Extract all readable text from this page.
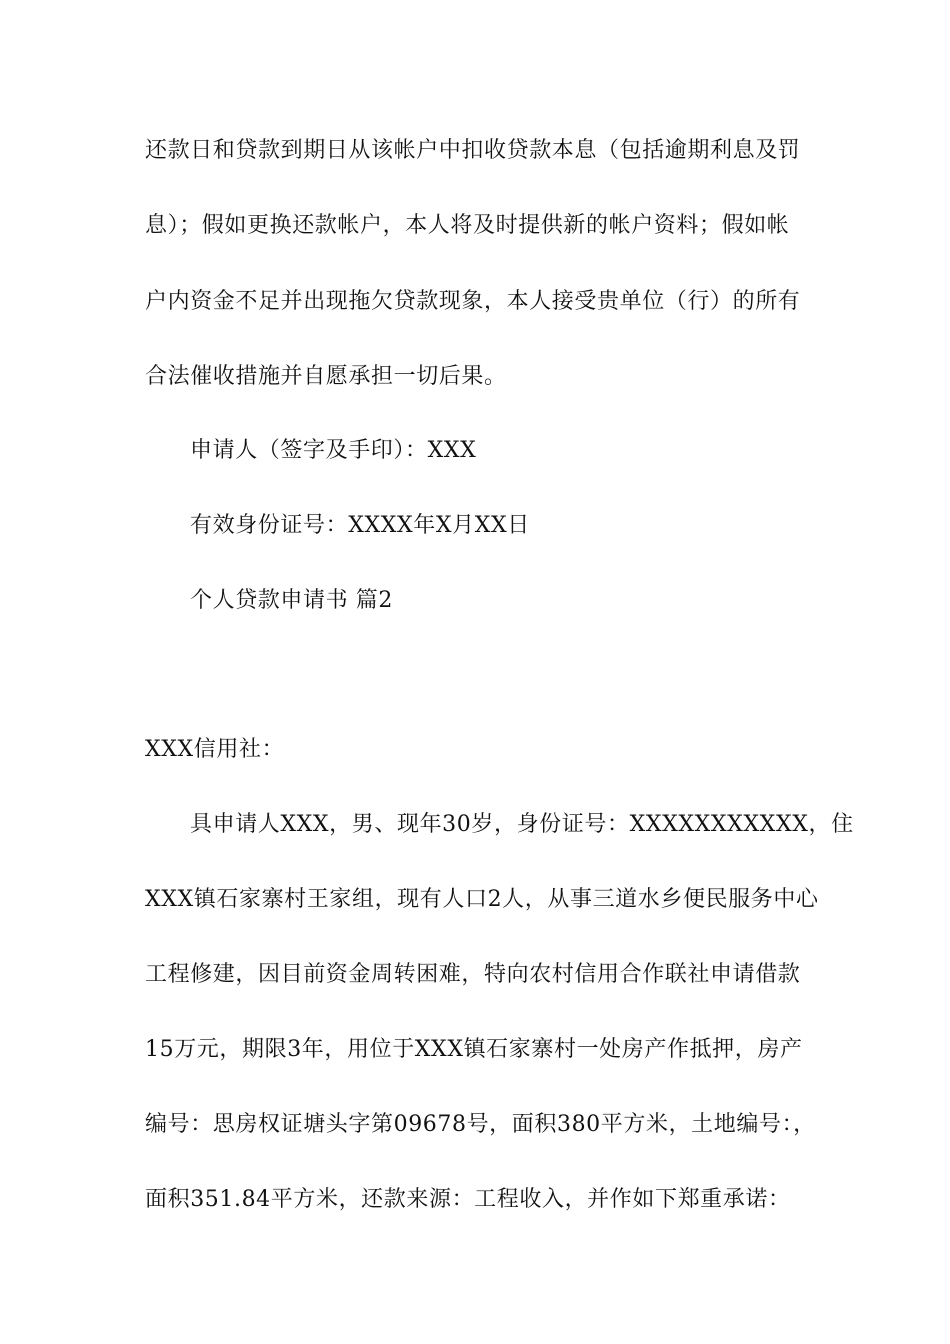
还款日和贷款到期日从该帐户中扣收贷款本息（包括逾期利息及罚
息）；假如更换还款帐户，本人将及时提供新的帐户资料；假如帐
户内资金不足并出现拖欠贷款现象，本人接受贵单位（行）的所有
合法催收措施并自愿承担一切后果。
申请人（签字及手印）：XXX
有效身份证号：XXXX年X月XX日
个人贷款申请书 篇2
XXX信用社：
具申请人XXX，男、现年30岁，身份证号：XXXXXXXXXXX，住
XXX镇石家寨村王家组，现有人口2人，从事三道水乡便民服务中心
工程修建，因目前资金周转困难，特向农村信用合作联社申请借款
15万元，期限3年，用位于XXX镇石家寨村一处房产作抵押，房产
编号：思房权证塘头字第09678号，面积380平方米，土地编号：，
面积351.84平方米，还款来源：工程收入，并作如下郑重承诺：
